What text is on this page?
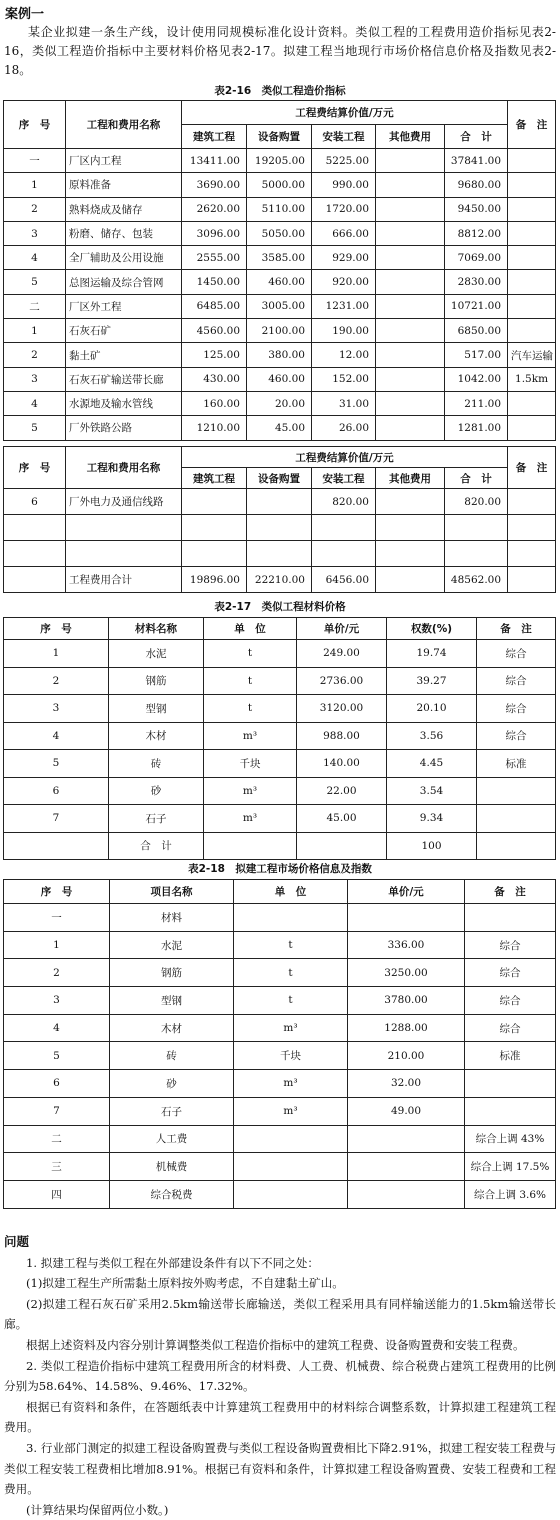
案例一
某企业拟建一条生产线，设计使用同规模标准化设计资料。类似工程的工程费用造价指标见表2-16，类似工程造价指标中主要材料价格见表2-17。拟建工程当地现行市场价格信息价格及指数见表2-18。
表2-16　类似工程造价指标
序　号	工程和费用名称	工程费结算价值/万元					备　注
		建筑工程	设备购置	安装工程	其他费用	合　计	
一	厂区内工程	13411.00	19205.00	5225.00		37841.00	
1	原料准备	3690.00	5000.00	990.00		9680.00	
2	熟料烧成及储存	2620.00	5110.00	1720.00		9450.00	
3	粉磨、储存、包装	3096.00	5050.00	666.00		8812.00	
4	全厂辅助及公用设施	2555.00	3585.00	929.00		7069.00	
5	总图运输及综合管网	1450.00	460.00	920.00		2830.00	
二	厂区外工程	6485.00	3005.00	1231.00		10721.00	
1	石灰石矿	4560.00	2100.00	190.00		6850.00	
2	黏土矿	125.00	380.00	12.00		517.00	汽车运输
3	石灰石矿输送带长廊	430.00	460.00	152.00		1042.00	1.5km
4	水源地及输水管线	160.00	20.00	31.00		211.00	
5	厂外铁路公路	1210.00	45.00	26.00		1281.00	
序　号	工程和费用名称	工程费结算价值/万元					备　注
		建筑工程	设备购置	安装工程	其他费用	合　计	
6	厂外电力及通信线路			820.00		820.00	

	工程费用合计	19896.00	22210.00	6456.00		48562.00	
表2-17　类似工程材料价格
序　号	材料名称	单　位	单价/元	权数(%)	备　注
1	水泥	t	249.00	19.74	综合
2	钢筋	t	2736.00	39.27	综合
3	型钢	t	3120.00	20.10	综合
4	木材	m³	988.00	3.56	综合
5	砖	千块	140.00	4.45	标准
6	砂	m³	22.00	3.54	
7	石子	m³	45.00	9.34	
	合　计			100	
表2-18　拟建工程市场价格信息及指数
序　号	项目名称	单　位	单价/元	备　注
一	材料			
1	水泥	t	336.00	综合
2	钢筋	t	3250.00	综合
3	型钢	t	3780.00	综合
4	木材	m³	1288.00	综合
5	砖	千块	210.00	标准
6	砂	m³	32.00	
7	石子	m³	49.00	
二	人工费			综合上调 43%
三	机械费			综合上调 17.5%
四	综合税费			综合上调 3.6%

问题

1. 拟建工程与类似工程在外部建设条件有以下不同之处：

(1)拟建工程生产所需黏土原料按外购考虑，不自建黏土矿山。

(2)拟建工程石灰石矿采用2.5km输送带长廊输送，类似工程采用具有同样输送能力的1.5km输送带长廊。

根据上述资料及内容分别计算调整类似工程造价指标中的建筑工程费、设备购置费和安装工程费。

2. 类似工程造价指标中建筑工程费用所含的材料费、人工费、机械费、综合税费占建筑工程费用的比例分别为58.64%、14.58%、9.46%、17.32%。

根据已有资料和条件，在答题纸表中计算建筑工程费用中的材料综合调整系数，计算拟建工程建筑工程费用。

3. 行业部门测定的拟建工程设备购置费与类似工程设备购置费相比下降2.91%，拟建工程安装工程费与类似工程安装工程费相比增加8.91%。根据已有资料和条件，计算拟建工程设备购置费、安装工程费和工程费用。

(计算结果均保留两位小数。)
